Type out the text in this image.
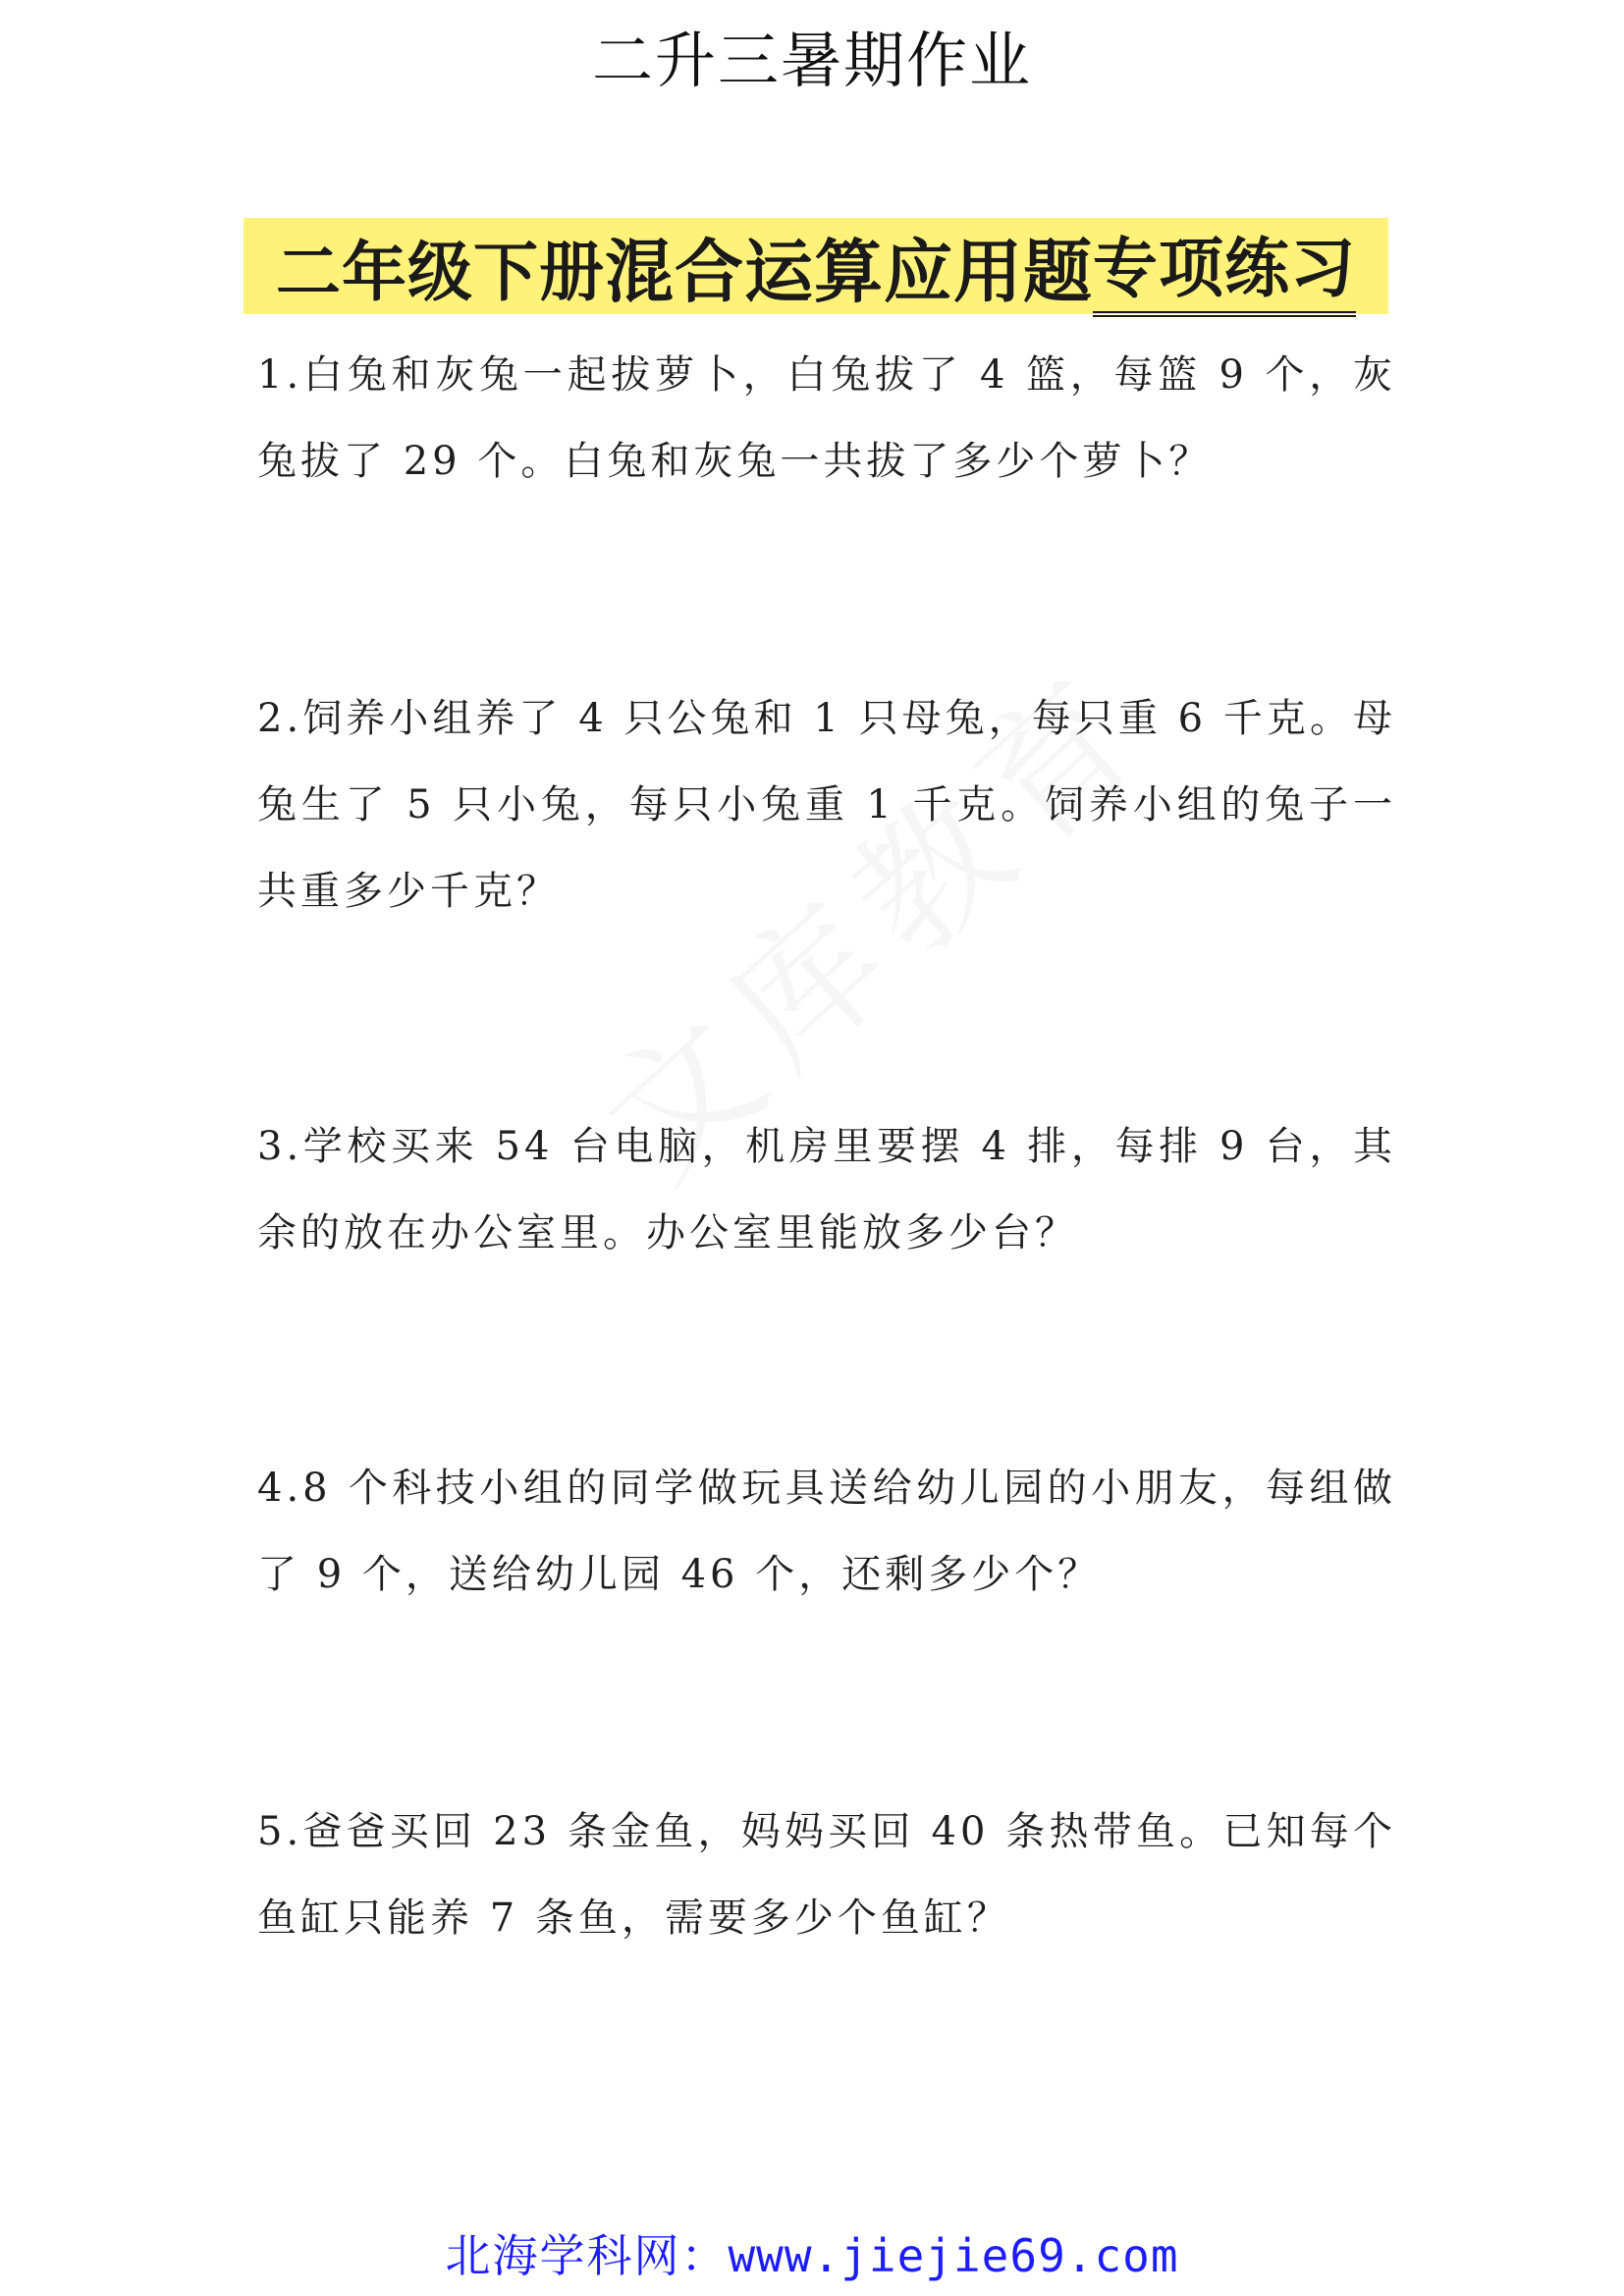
二升三暑期作业
二年级下册 混合运算应用题 专项练习
1.白兔和灰兔一起拔萝卜，白兔拔了 4 篮，每篮 9 个，灰兔拔了 29 个。白兔和灰兔一共拔了多少个萝卜？
2.饲养小组养了 4 只公兔和 1 只母兔，每只重 6 千克。母兔生了 5 只小兔，每只小兔重 1 千克。饲养小组的兔子一共重多少千克？
3.学校买来 54 台电脑，机房里要摆 4 排，每排 9 台，其余的放在办公室里。办公室里能放多少台？
4.8 个科技小组的同学做玩具送给幼儿园的小朋友，每组做了 9 个，送给幼儿园 46 个，还剩多少个？
5.爸爸买回 23 条金鱼，妈妈买回 40 条热带鱼。已知每个鱼缸只能养 7 条鱼，需要多少个鱼缸？
北海学科网：www.jiejie69.com
